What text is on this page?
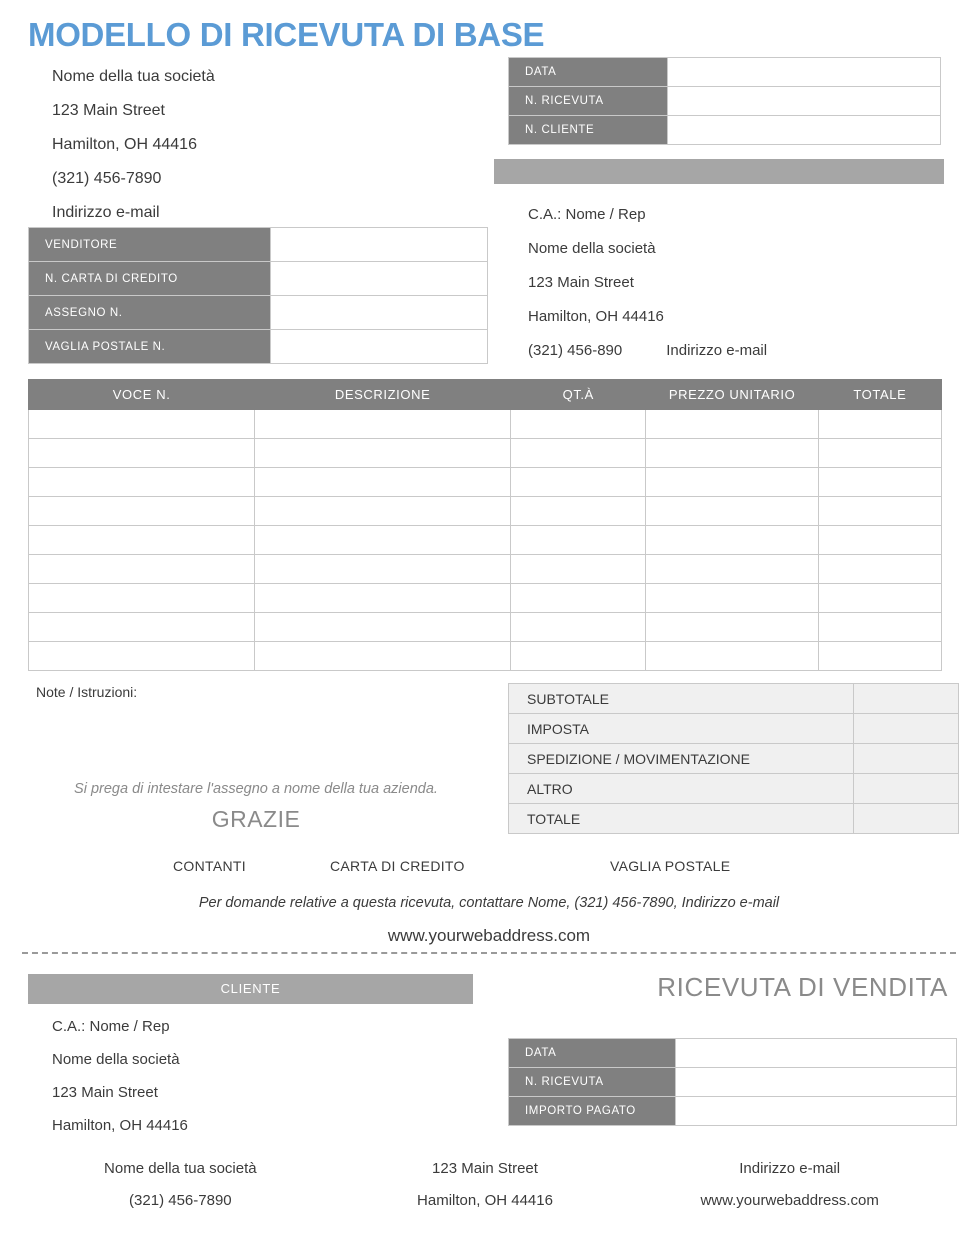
MODELLO DI RICEVUTA DI BASE
Nome della tua società
123 Main Street
Hamilton, OH 44416
(321) 456-7890
Indirizzo e-mail
DATA	
N. RICEVUTA	
N. CLIENTE	
VENDITORE	
N. CARTA DI CREDITO	
ASSEGNO N.	
VAGLIA POSTALE N.	
C.A.: Nome / Rep
Nome della società
123 Main Street
Hamilton, OH 44416
(321) 456-890	Indirizzo e-mail
VOCE N.	DESCRIZIONE	QT.À	PREZZO UNITARIO	TOTALE

Note / Istruzioni:
Si prega di intestare l'assegno a nome della tua azienda.
GRAZIE
SUBTOTALE	
IMPOSTA	
SPEDIZIONE / MOVIMENTAZIONE	
ALTRO	
TOTALE	
CONTANTI	CARTA DI CREDITO	VAGLIA POSTALE
Per domande relative a questa ricevuta, contattare Nome, (321) 456-7890, Indirizzo e-mail
www.yourwebaddress.com
CLIENTE	RICEVUTA DI VENDITA
C.A.: Nome / Rep
Nome della società
123 Main Street
Hamilton, OH 44416
DATA	
N. RICEVUTA	
IMPORTO PAGATO	
Nome della tua società	123 Main Street	Indirizzo e-mail
(321) 456-7890	Hamilton, OH 44416	www.yourwebaddress.com
